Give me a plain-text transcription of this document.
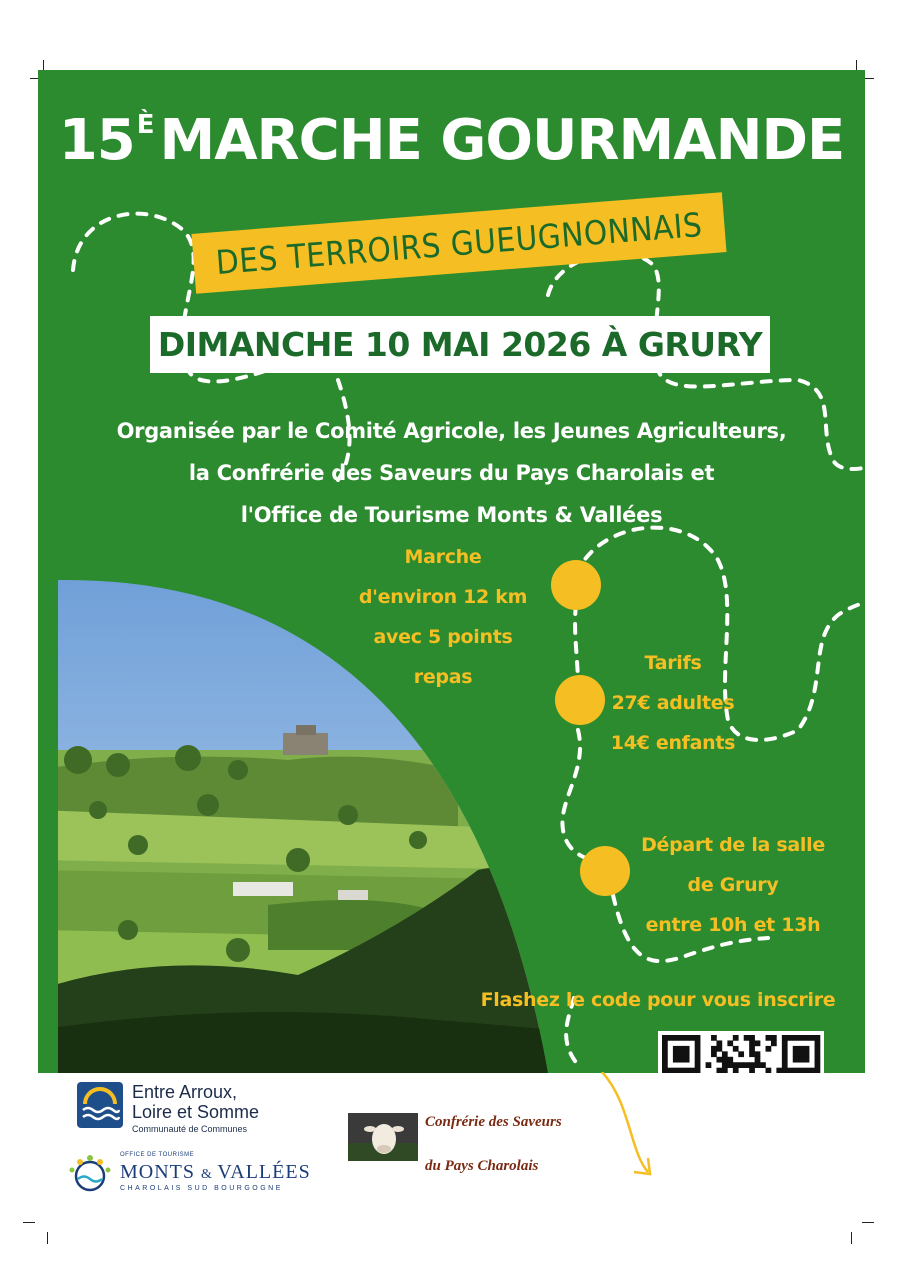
$15^È$ MARCHE GOURMANDE
DES TERROIRS GUEUGNONNAIS
DIMANCHE 10 MAI 2026 À GRURY
Organisée par le Comité Agricole, les Jeunes Agriculteurs,
la Confrérie des Saveurs du Pays Charolais et
l'Office de Tourisme Monts & Vallées
Marche
d'environ 12 km
avec 5 points
repas
Tarifs
27€ adultes
14€ enfants
Départ de la salle
de Grury
entre 10h et 13h
Flashez le code pour vous inscrire
Entre Arroux,
Loire et Somme
Communauté de Communes
OFFICE DE TOURISME
MONTS & VALLÉES
CHAROLAIS SUD BOURGOGNE
Confrérie des Saveurs
du Pays Charolais
